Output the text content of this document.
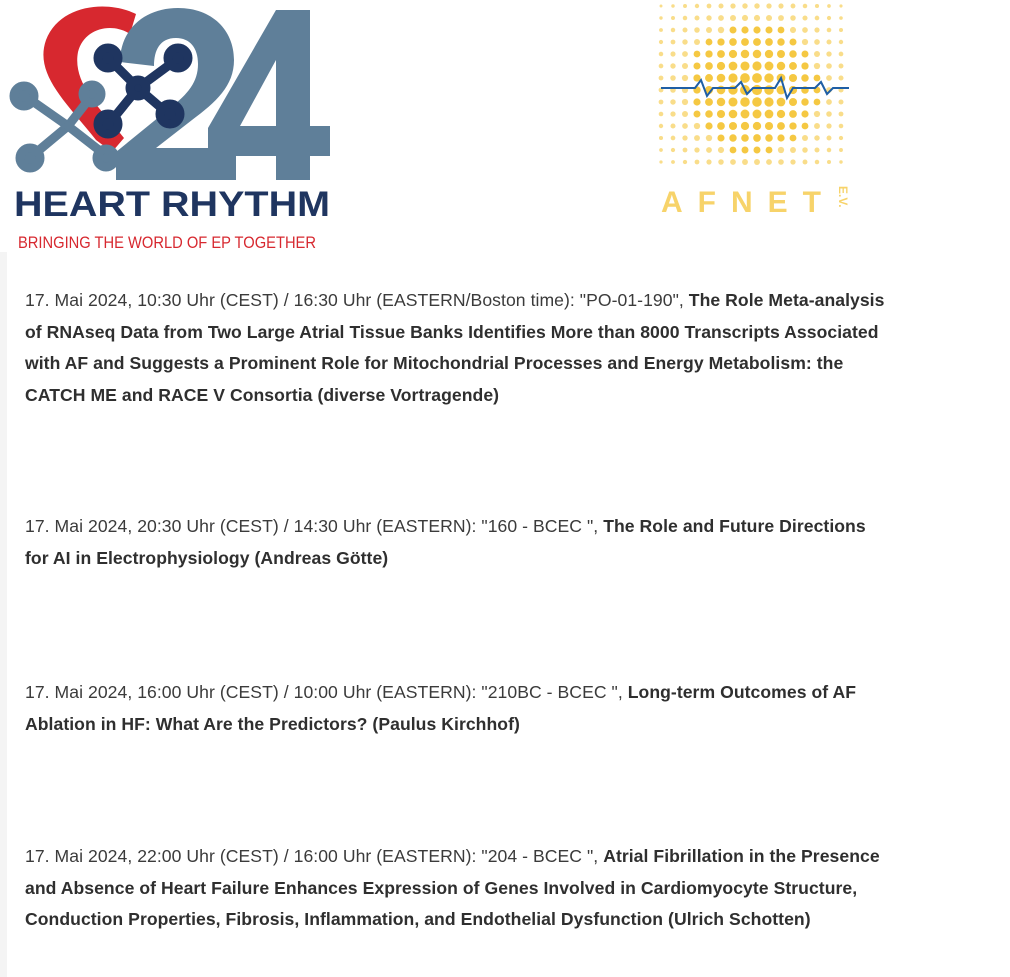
HEART RHYTHM
BRINGING THE WORLD OF EP TOGETHER
AFNET E.V.
17. Mai 2024, 10:30 Uhr (CEST) / 16:30 Uhr (EASTERN/Boston time): "PO-01-190", The Role Meta-analysis of RNAseq Data from Two Large Atrial Tissue Banks Identifies More than 8000 Transcripts Associated with AF and Suggests a Prominent Role for Mitochondrial Processes and Energy Metabolism: the CATCH ME and RACE V Consortia (diverse Vortragende)
17. Mai 2024, 20:30 Uhr (CEST) / 14:30 Uhr (EASTERN): "160 - BCEC ", The Role and Future Directions for AI in Electrophysiology (Andreas Götte)
17. Mai 2024, 16:00 Uhr (CEST) / 10:00 Uhr (EASTERN): "210BC - BCEC ", Long-term Outcomes of AF Ablation in HF: What Are the Predictors? (Paulus Kirchhof)
17. Mai 2024, 22:00 Uhr (CEST) / 16:00 Uhr (EASTERN): "204 - BCEC ", Atrial Fibrillation in the Presence and Absence of Heart Failure Enhances Expression of Genes Involved in Cardiomyocyte Structure, Conduction Properties, Fibrosis, Inflammation, and Endothelial Dysfunction (Ulrich Schotten)
